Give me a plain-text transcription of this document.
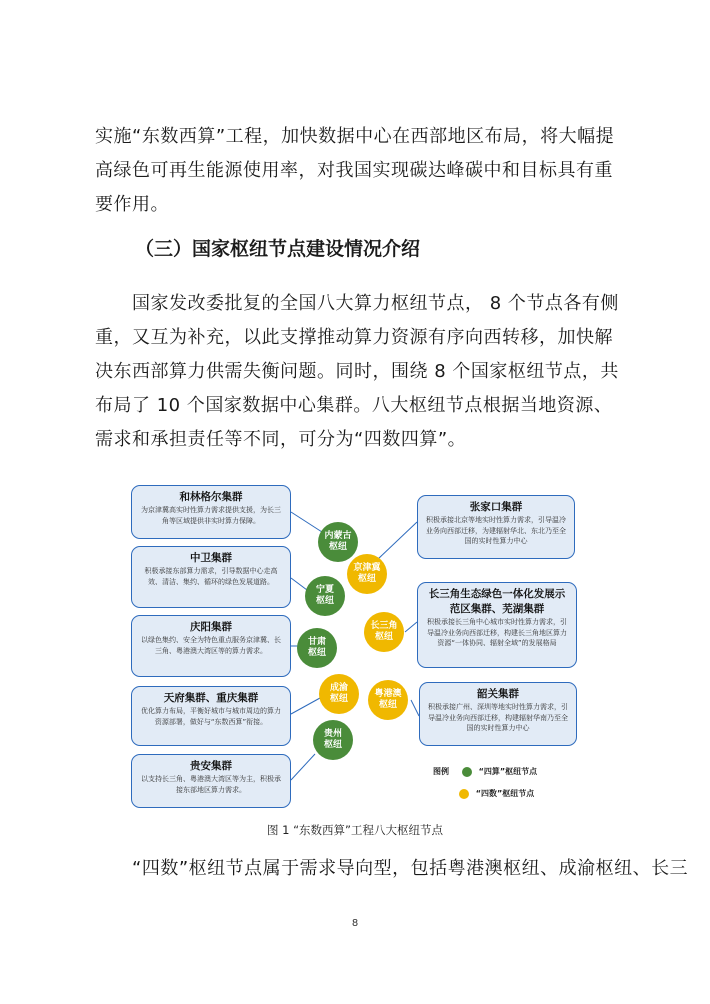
实施“东数西算”工程，加快数据中心在西部地区布局，将大幅提高绿色可再生能源使用率，对我国实现碳达峰碳中和目标具有重要作用。
（三）国家枢纽节点建设情况介绍
国家发改委批复的全国八大算力枢纽节点， 8 个节点各有侧重，又互为补充，以此支撑推动算力资源有序向西转移，加快解决东西部算力供需失衡问题。同时，围绕 8 个国家枢纽节点，共布局了 10 个国家数据中心集群。八大枢纽节点根据当地资源、需求和承担责任等不同，可分为“四数四算”。
和林格尔集群
为京津冀高实时性算力需求提供支援，为长三角等区域提供非实时算力保障。
中卫集群
积极承接东部算力需求，引导数据中心走高效、清洁、集约、循环的绿色发展道路。
庆阳集群
以绿色集约、安全为特色重点服务京津冀、长三角、粤港澳大湾区等的算力需求。
天府集群、重庆集群
优化算力布局，平衡好城市与城市周边的算力资源部署，做好与“东数西算”衔接。
贵安集群
以支持长三角、粤港澳大湾区等为主，积极承接东部地区算力需求。
张家口集群
积极承接北京等地实时性算力需求，引导温冷业务向西部迁移，为建辐射华北、东北乃至全国的实时性算力中心
长三角生态绿色一体化发展示范区集群、芜湖集群
积极承接长三角中心城市实时性算力需求，引导温冷业务向西部迁移，构建长三角地区算力资源“一体协同、辐射全域”的发展格局
韶关集群
积极承接广州、深圳等地实时性算力需求，引导温冷业务向西部迁移，构建辐射华南乃至全国的实时性算力中心
内蒙古
枢纽
宁夏
枢纽
甘肃
枢纽
成渝
枢纽
贵州
枢纽
京津冀
枢纽
长三角
枢纽
粤港澳
枢纽
图例	“四算”枢纽节点
“四数”枢纽节点
图 1 “东数西算”工程八大枢纽节点
“四数”枢纽节点属于需求导向型，包括粤港澳枢纽、成渝枢纽、长三
8
